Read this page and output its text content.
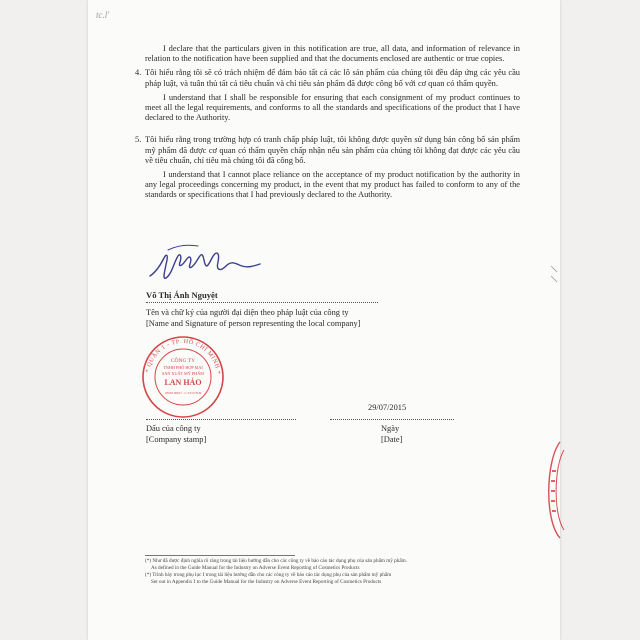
tc.l'

I declare that the particulars given in this notification are true, all data, and information of relevance in relation to the notification have been supplied and that the documents enclosed are authentic or true copies.

4. Tôi hiểu rằng tôi sẽ có trách nhiệm để đảm bảo tất cả các lô sản phẩm của chúng tôi đều đáp ứng các yêu cầu pháp luật, và tuân thủ tất cả tiêu chuẩn và chỉ tiêu sản phẩm đã được công bố với cơ quan có thẩm quyền.

I understand that I shall be responsible for ensuring that each consignment of my product continues to meet all the legal requirements, and conforms to all the standards and specifications of the product that I have declared to the Authority.

5. Tôi hiểu rằng trong trường hợp có tranh chấp pháp luật, tôi không được quyền sử dụng bản công bố sản phẩm mỹ phẩm đã được cơ quan có thẩm quyền chấp nhận nếu sản phẩm của chúng tôi không đạt được các yêu cầu về tiêu chuẩn, chỉ tiêu mà chúng tôi đã công bố.

I understand that I cannot place reliance on the acceptance of my product notification by the authority in any legal proceedings concerning my product, in the event that my product has failed to conform to any of the standards or specifications that I had previously declared to the Authority.

Võ Thị Ánh Nguyệt
Tên và chữ ký của người đại diện theo pháp luật của công ty
[Name and Signature of person representing the local company]
* QUẬN 1 - TP. HỒ CHÍ MINH *
CÔNG TY
TNHH PHỔ HỢP MẠI
SẢN XUẤT MỸ PHẨM
LAN HẢO
03063 00817 - C.T.T.N.H.H
29/07/2015
Dấu của công ty
[Company stamp]
Ngày
[Date]

(*) Như đã được định nghĩa rõ ràng trong tài liệu hướng dẫn cho các công ty về báo cáo tác dụng phụ của sản phẩm mỹ phẩm.

As defined in the Guide Manual for the Industry on Adverse Event Reporting of Cosmetics Products

(*) Trình bày trong phụ lục I trong tài liệu hướng dẫn cho các công ty về báo cáo tác dụng phụ của sản phẩm mỹ phẩm

Set out in Appendix I to the Guide Manual for the Industry on Adverse Event Reporting of Cosmetics Products
